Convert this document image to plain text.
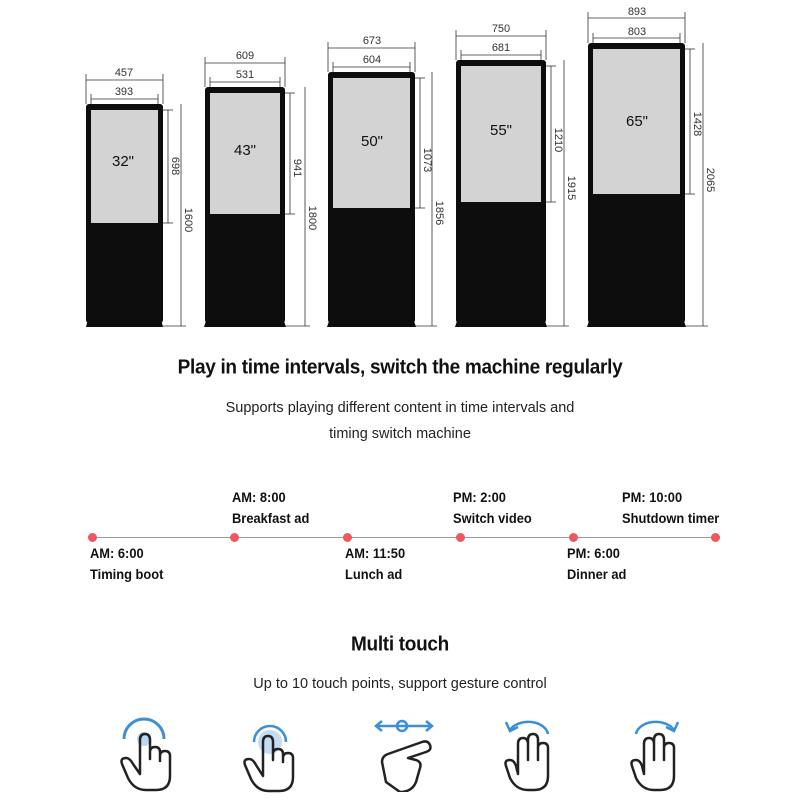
457
393
32"	698
1600
609
531
43"
941
1800
673
604
50"
1073
1856
750
681
55"	1210
1915
893
803
65"	1428
2065
Play in time intervals, switch the machine regularly
Supports playing different content in time intervals and
timing switch machine
AM: 6:00
Timing boot
AM: 8:00
Breakfast ad
AM: 11:50
Lunch ad
PM: 2:00
Switch video
PM: 6:00
Dinner ad
PM: 10:00
Shutdown timer
Multi touch
Up to 10 touch points, support gesture control
